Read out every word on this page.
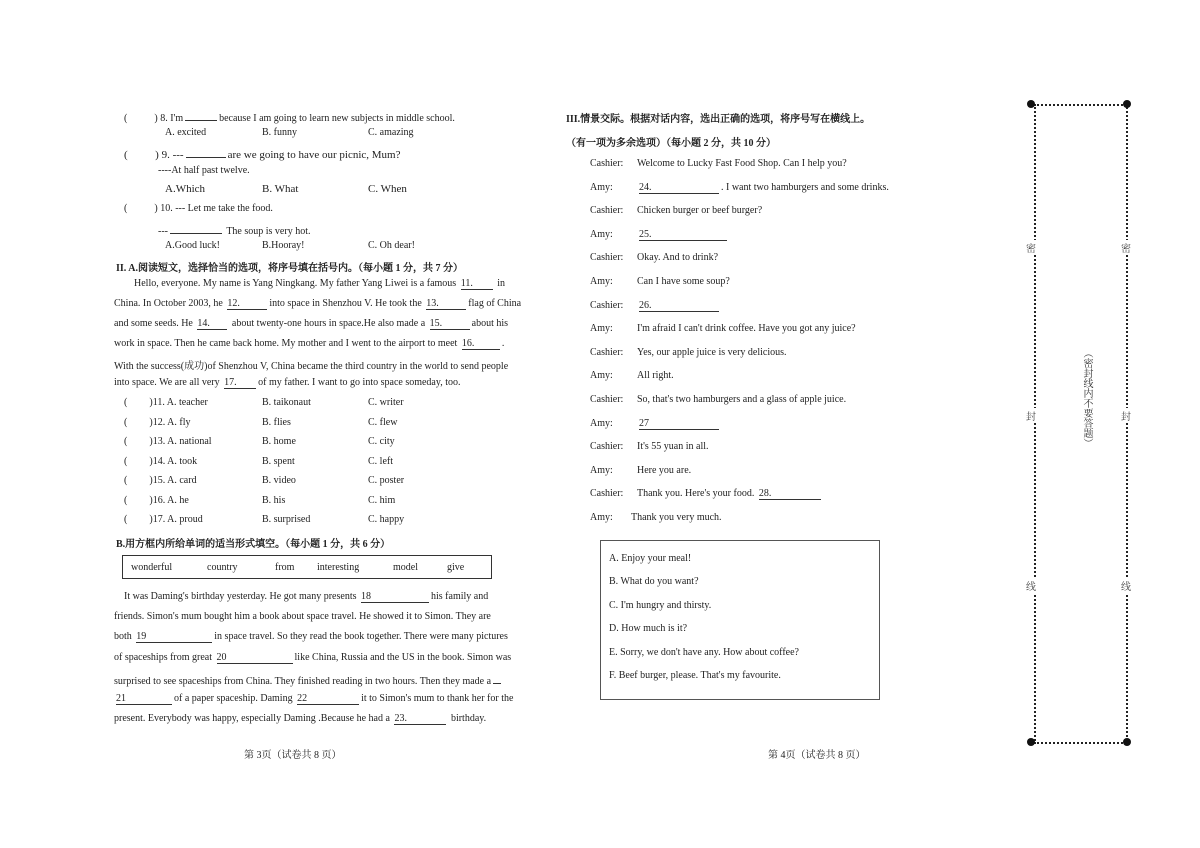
(	) 8. I'm	because I am going to learn new subjects in middle school.
A. excited	B. funny	C. amazing
(	) 9. ---	are we going to have our picnic, Mum?
----At half past twelve.
A.Which	B. What	C. When
(	) 10. --- Let me take the food.
---	The soup is very hot.
A.Good luck!	B.Hooray!	C. Oh dear!
II. A.阅读短文，选择恰当的选项，将序号填在括号内。（每小题 1 分，共 7 分）
Hello, everyone. My name is Yang Ningkang. My father Yang Liwei is a famous 11. in
China. In October 2003, he 12.	into space in Shenzhou V. He took the 13.	flag of China
and some seeds. He 14. about twenty-one hours in space.He also made a 15.	about his
work in space. Then he came back home. My mother and I went to the airport to meet 16.	.
With the success(成功)of Shenzhou V, China became the third country in the world to send people
into space. We are all very 17. of my father. I want to go into space someday, too.
( )11. A. teacher	B. taikonaut	C. writer
( )12. A. fly	B. flies	C. flew
( )13. A. national	B. home	C. city
( )14. A. took	B. spent	C. left
( )15. A. card	B. video	C. poster
( )16. A. he	B. his	C. him
( )17. A. proud	B. surprised	C. happy
B.用方框内所给单词的适当形式填空。（每小题 1 分，共 6 分）
wonderful	country	from interesting	model	give
It was Daming's birthday yesterday. He got many presents 18	his family and
friends. Simon's mum bought him a book about space travel. He showed it to Simon. They are
both 19	in space travel. So they read the book together. There were many pictures
of spaceships from great 20	like China, Russia and the US in the book. Simon was
surprised to see spaceships from China. They finished reading in two hours. Then they made a
21	of a paper spaceship. Daming 22	it to Simon's mum to thank her for the
present. Everybody was happy, especially Daming .Because he had a 23.	birthday.
第 3页（试卷共 8 页）
III.情景交际。根据对话内容，选出正确的选项，将序号写在横线上。
（有一项为多余选项）（每小题 2 分，共 10 分）
Cashier: Welcome to Lucky Fast Food Shop. Can I help you?
Amy:	24.	. I want two hamburgers and some drinks.
Cashier: Chicken burger or beef burger?
Amy:	25.
Cashier: Okay. And to drink?
Amy: Can I have some soup?
Cashier: 26.
Amy: I'm afraid I can't drink coffee. Have you got any juice?
Cashier: Yes, our apple juice is very delicious.
Amy: All right.
Cashier: So, that's two hamburgers and a glass of apple juice.
Amy:	27
Cashier: It's 55 yuan in all.
Amy: Here you are.
Cashier: Thank you. Here's your food. 28.
Amy: Thank you very much.
A. Enjoy your meal!
B. What do you want?
C. I'm hungry and thirsty.
D. How much is it?
E. Sorry, we don't have any. How about coffee?
F. Beef burger, please. That's my favourite.
第 4页（试卷共 8 页）
密
封
线
密
封
线
（密封线内不要答题）
